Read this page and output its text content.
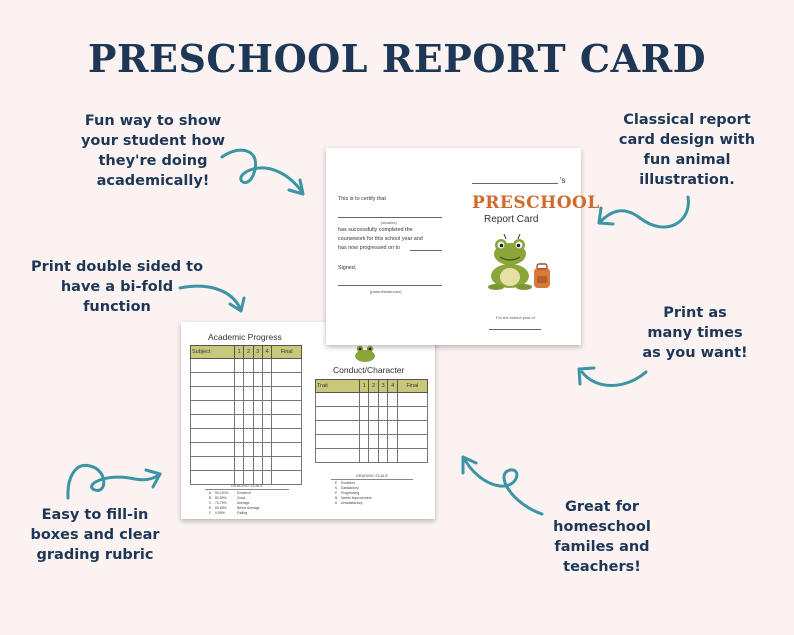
PRESCHOOL REPORT CARD
Fun way to show
your student how
they're doing
academically!
Classical report
card design with
fun animal
illustration.
Print double sided to
have a bi-fold
function	Print as
many times
as you want!
Easy to fill-in
boxes and clear
grading rubric
Great for
homeschool
familes and
teachers!
Academic Progress
Subject	1	2	3	4	Final

GRADING SCALE
A	90-100%	Excellent
B	80-89%	Good
C	70-79%	Average
D	60-69%	Below Average
F	0-59%	Failing
Conduct/Character
Trait	1	2	3	4	Final

GRADING SCALE
E	Excellent
S	Satisfactory
P	Progressing
N	Needs Improvement
U	Unsatisfactory
This is to certify that
(student)
has successfully completed the
coursework for this school year and
has now progressed on to
Signed,
(parent/instructor)
's
PRESCHOOL
Report Card
For the school year of
